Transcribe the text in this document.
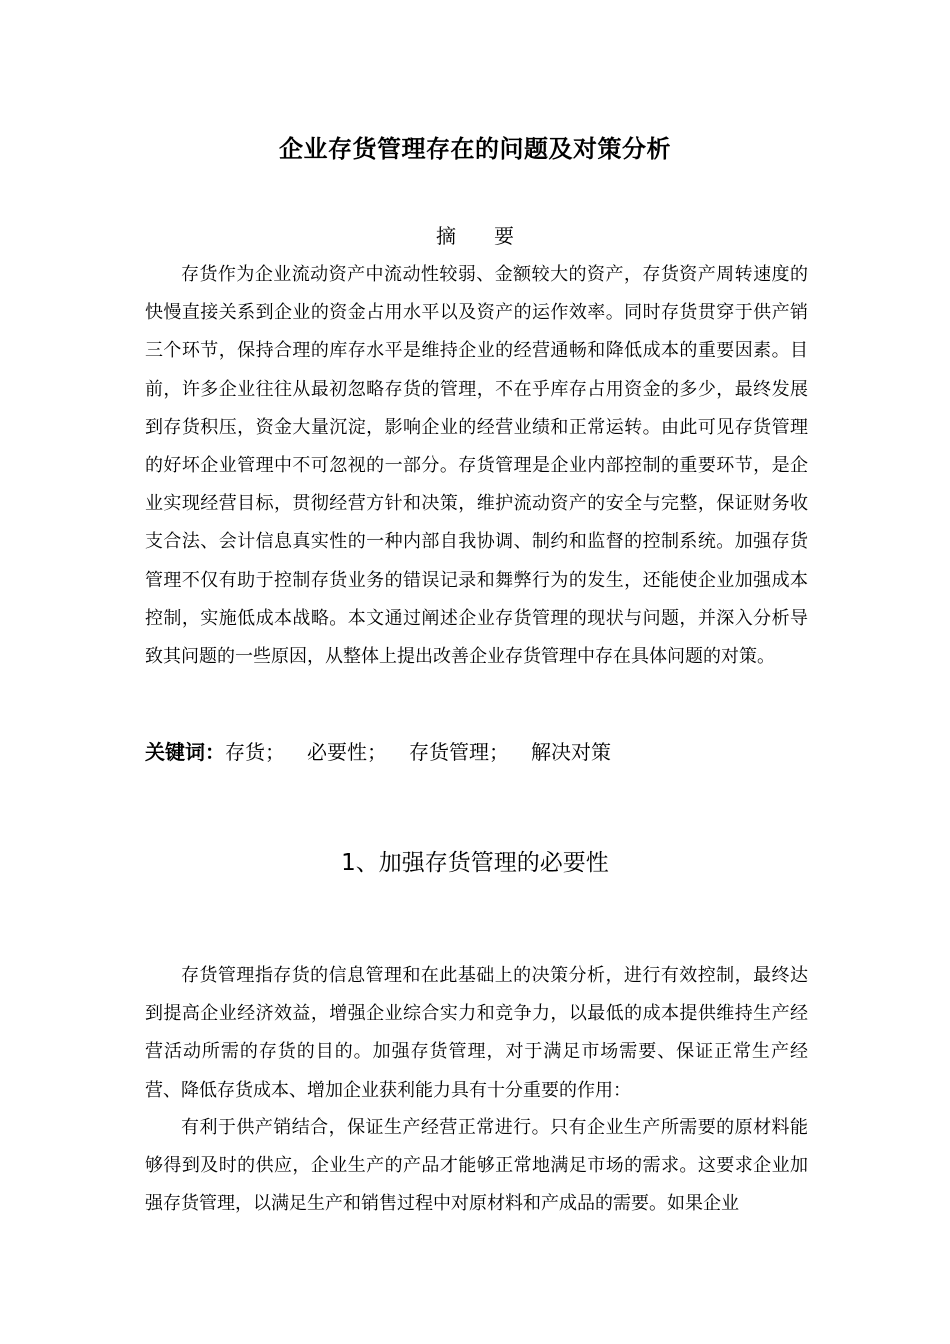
企业存货管理存在的问题及对策分析
摘要

存货作为企业流动资产中流动性较弱、金额较大的资产，存货资产周转速度的快慢直接关系到企业的资金占用水平以及资产的运作效率。同时存货贯穿于供产销三个环节，保持合理的库存水平是维持企业的经营通畅和降低成本的重要因素。目前，许多企业往往从最初忽略存货的管理，不在乎库存占用资金的多少，最终发展到存货积压，资金大量沉淀，影响企业的经营业绩和正常运转。由此可见存货管理的好坏企业管理中不可忽视的一部分。存货管理是企业内部控制的重要环节，是企业实现经营目标，贯彻经营方针和决策，维护流动资产的安全与完整，保证财务收支合法、会计信息真实性的一种内部自我协调、制约和监督的控制系统。加强存货管理不仅有助于控制存货业务的错误记录和舞弊行为的发生，还能使企业加强成本控制，实施低成本战略。本文通过阐述企业存货管理的现状与问题，并深入分析导致其问题的一些原因，从整体上提出改善企业存货管理中存在具体问题的对策。

关键词：存货； 必要性； 存货管理； 解决对策
1、加强存货管理的必要性

存货管理指存货的信息管理和在此基础上的决策分析，进行有效控制，最终达到提高企业经济效益，增强企业综合实力和竞争力，以最低的成本提供维持生产经营活动所需的存货的目的。加强存货管理，对于满足市场需要、保证正常生产经营、降低存货成本、增加企业获利能力具有十分重要的作用：

有利于供产销结合，保证生产经营正常进行。只有企业生产所需要的原材料能够得到及时的供应，企业生产的产品才能够正常地满足市场的需求。这要求企业加强存货管理，以满足生产和销售过程中对原材料和产成品的需要。如果企业
